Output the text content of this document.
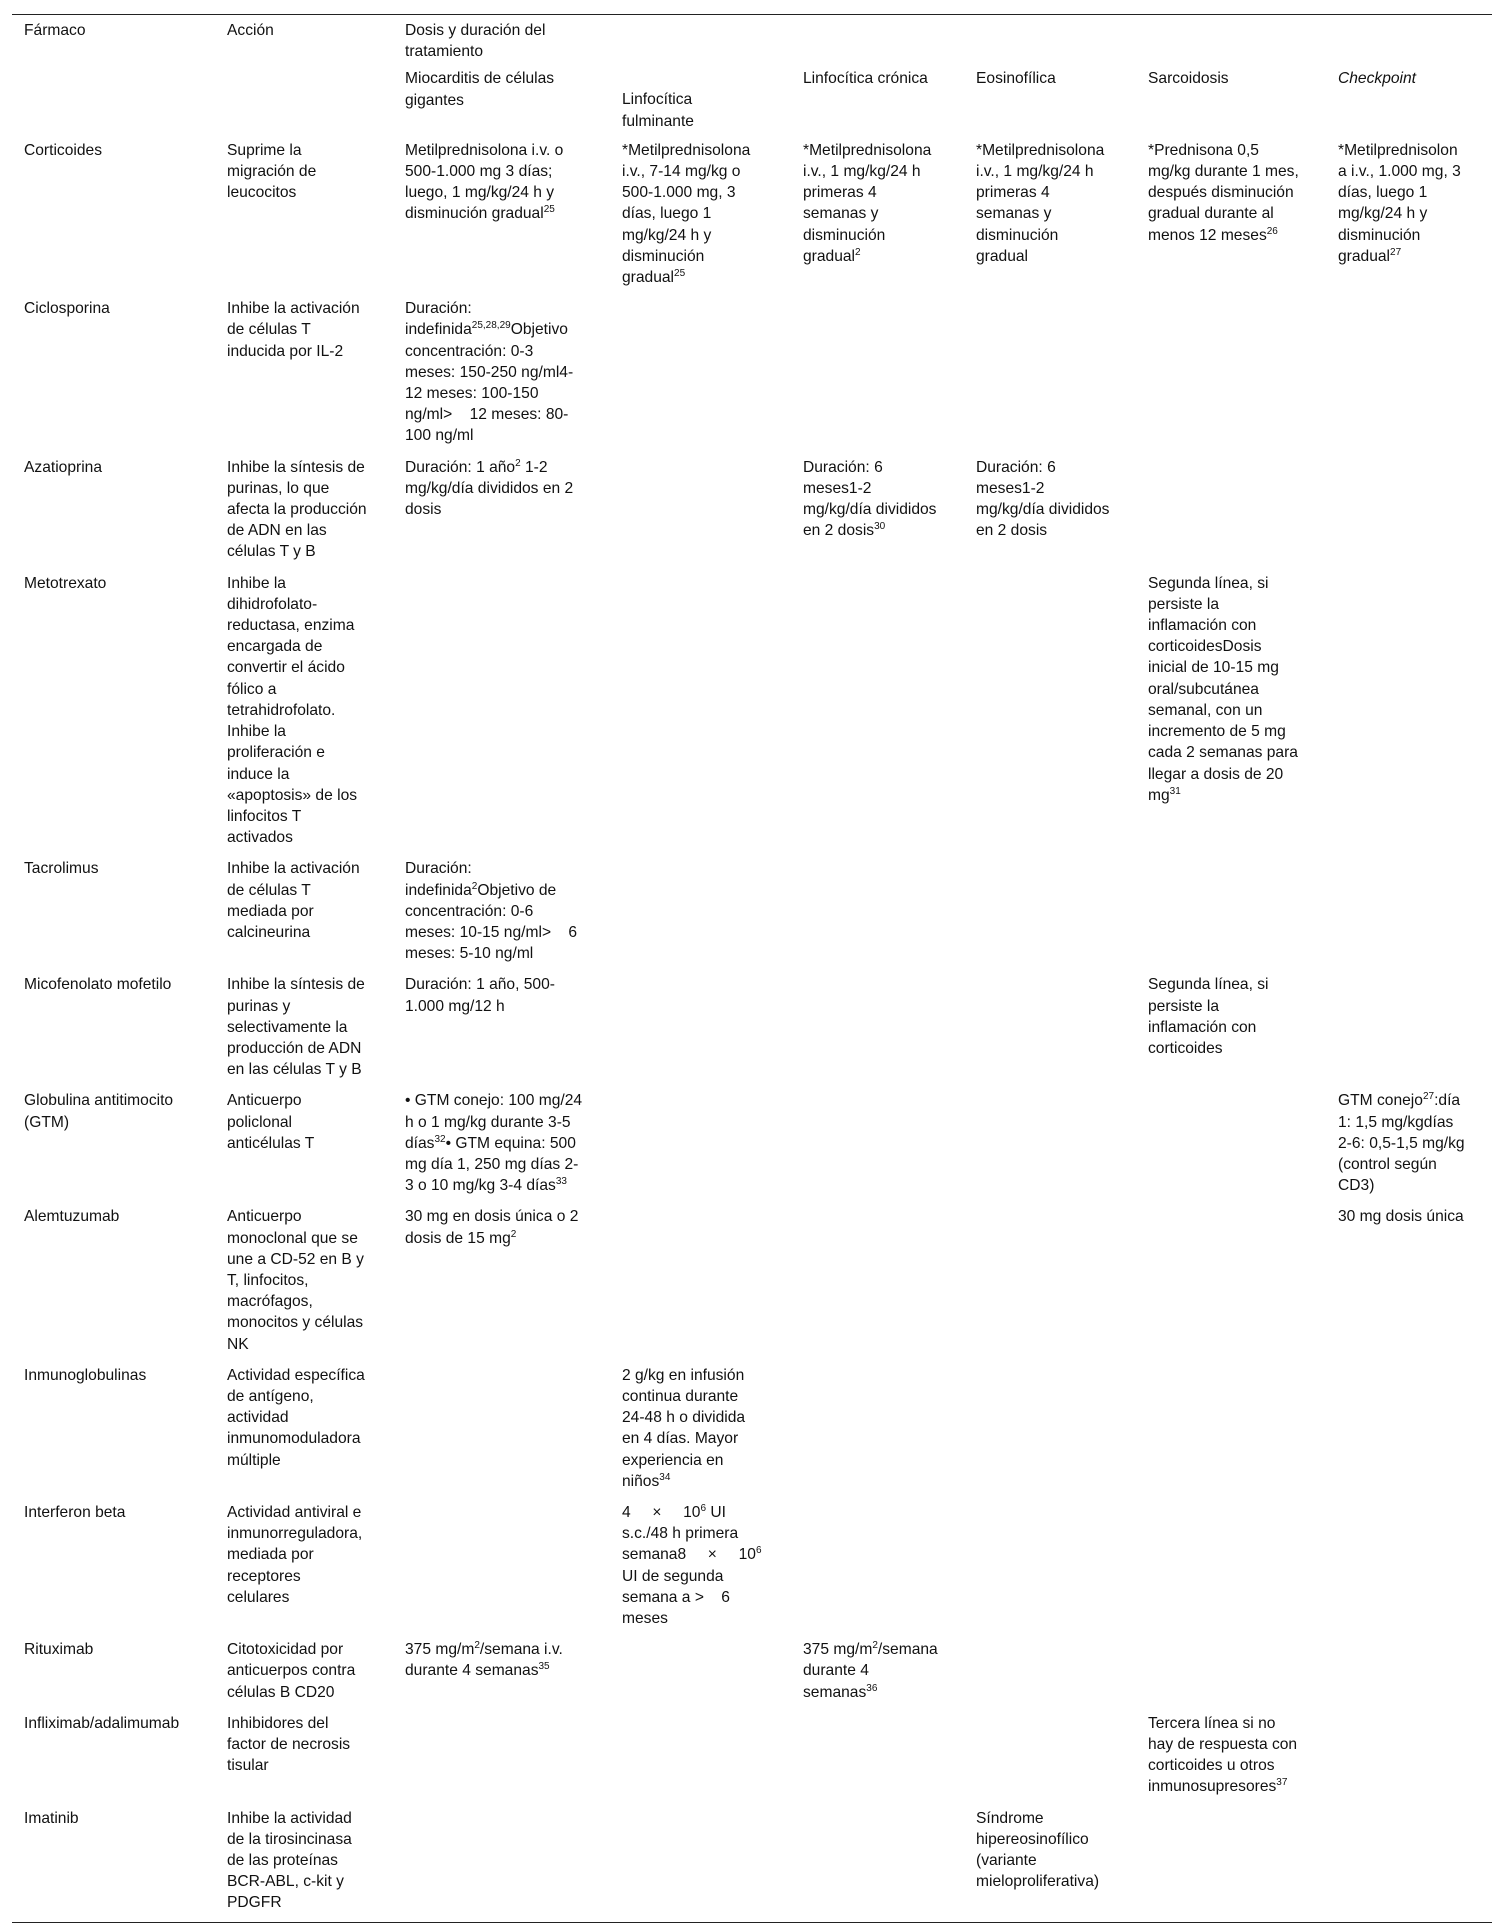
Fármaco	Acción	Dosis y duración del tratamiento					
		Miocarditis de células gigantes	Linfocítica fulminante	Linfocítica crónica	Eosinofílica	Sarcoidosis	Checkpoint
Corticoides	Suprime la migración de leucocitos	Metilprednisolona i.v. o 500-1.000 mg 3 días; luego, 1 mg/kg/24 h y disminución gradual$^{25}$	*Metilprednisolona i.v., 7-14 mg/kg o 500-1.000 mg, 3 días, luego 1 mg/kg/24 h y disminución gradual$^{25}$	*Metilprednisolona i.v., 1 mg/kg/24 h primeras 4 semanas y disminución gradual$^2$	*Metilprednisolona i.v., 1 mg/kg/24 h primeras 4 semanas y disminución gradual	*Prednisona 0,5 mg/kg durante 1 mes, después disminución gradual durante al menos 12 meses$^{26}$	*Metilprednisolona i.v., 1.000 mg, 3 días, luego 1 mg/kg/24 h y disminución gradual$^{27}$
Ciclosporina	Inhibe la activación de células T inducida por IL-2	Duración: indefinida$^{25,28,29}$Objetivo concentración: 0-3 meses: 150-250 ng/ml4-12 meses: 100-150 ng/ml>    12 meses: 80-100 ng/ml					
Azatioprina	Inhibe la síntesis de purinas, lo que afecta la producción de ADN en las células T y B	Duración: 1 año$^2$ 1-2 mg/kg/día divididos en 2 dosis		Duración: 6 meses1-2 mg/kg/día divididos en 2 dosis$^{30}$	Duración: 6 meses1-2 mg/kg/día divididos en 2 dosis		
Metotrexato	Inhibe la dihidrofolato-reductasa, enzima encargada de convertir el ácido fólico a tetrahidrofolato. Inhibe la proliferación e induce la «apoptosis» de los linfocitos T activados					Segunda línea, si persiste la inflamación con corticoidesDosis inicial de 10-15 mg oral/subcutánea semanal, con un incremento de 5 mg cada 2 semanas para llegar a dosis de 20 $mg^{31}$	
Tacrolimus	Inhibe la activación de células T mediada por calcineurina	Duración: indefinida$^2$Objetivo de concentración: 0-6 meses: 10-15 ng/ml>    6 meses: 5-10 ng/ml					
Micofenolato mofetilo	Inhibe la síntesis de purinas y selectivamente la producción de ADN en las células T y B	Duración: 1 año, 500-1.000 mg/12 h				Segunda línea, si persiste la inflamación con corticoides	
Globulina antitimocito (GTM)	Anticuerpo policlonal anticélulas T	• GTM conejo: 100 mg/24 h o 1 mg/kg durante 3-5 días$^{32}$• GTM equina: 500 mg día 1, 250 mg días 2-3 o 10 mg/kg 3-4 días$^{33}$					GTM conejo$^{27}$:día 1: 1,5 mg/kgdías 2-6: 0,5-1,5 mg/kg (control según CD3)
Alemtuzumab	Anticuerpo monoclonal que se une a CD-52 en B y T, linfocitos, macrófagos, monocitos y células NK	30 mg en dosis única o 2 dosis de 15 $mg^2$					30 mg dosis única
Inmunoglobulinas	Actividad específica de antígeno, actividad inmunomoduladora múltiple		2 g/kg en infusión continua durante 24-48 h o dividida en 4 días. Mayor experiencia en niños$^{34}$				
Interferon beta	Actividad antiviral e inmunorreguladora, mediada por receptores celulares		4     ×     $10^6$ UI s.c./48 h primera semana8     ×     $10^6$ UI de segunda semana a >    6 meses				
Rituximab	Citotoxicidad por anticuerpos contra células B CD20	375 $mg/m^2$/semana i.v. durante 4 semanas$^{35}$		375 $mg/m^2$/semana durante 4 semanas$^{36}$			
Infliximab/adalimumab	Inhibidores del factor de necrosis tisular					Tercera línea si no hay de respuesta con corticoides u otros inmunosupresores$^{37}$	
Imatinib	Inhibe la actividad de la tirosincinasa de las proteínas BCR-ABL, c-kit y PDGFR				Síndrome hipereosinofílico (variante mieloproliferativa)		
